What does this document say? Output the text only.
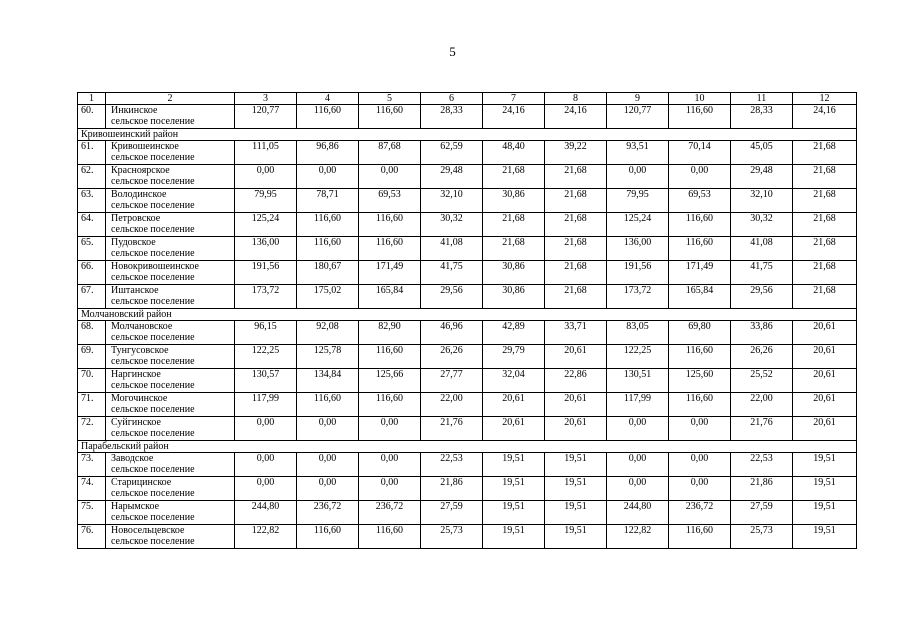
5
1	2	3	4	5	6	7	8	9	10	11	12
60.	Инкинское
сельское поселение	120,77	116,60	116,60	28,33	24,16	24,16	120,77	116,60	28,33	24,16
Кривошеинский район											
61.	Кривошеинское
сельское поселение	111,05	96,86	87,68	62,59	48,40	39,22	93,51	70,14	45,05	21,68
62.	Красноярское
сельское поселение	0,00	0,00	0,00	29,48	21,68	21,68	0,00	0,00	29,48	21,68
63.	Володинское
сельское поселение	79,95	78,71	69,53	32,10	30,86	21,68	79,95	69,53	32,10	21,68
64.	Петровское
сельское поселение	125,24	116,60	116,60	30,32	21,68	21,68	125,24	116,60	30,32	21,68
65.	Пудовское
сельское поселение	136,00	116,60	116,60	41,08	21,68	21,68	136,00	116,60	41,08	21,68
66.	Новокривошеинское
сельское поселение	191,56	180,67	171,49	41,75	30,86	21,68	191,56	171,49	41,75	21,68
67.	Иштанское
сельское поселение	173,72	175,02	165,84	29,56	30,86	21,68	173,72	165,84	29,56	21,68
Молчановский район											
68.	Молчановское
сельское поселение	96,15	92,08	82,90	46,96	42,89	33,71	83,05	69,80	33,86	20,61
69.	Тунгусовское
сельское поселение	122,25	125,78	116,60	26,26	29,79	20,61	122,25	116,60	26,26	20,61
70.	Наргинское
сельское поселение	130,57	134,84	125,66	27,77	32,04	22,86	130,51	125,60	25,52	20,61
71.	Могочинское
сельское поселение	117,99	116,60	116,60	22,00	20,61	20,61	117,99	116,60	22,00	20,61
72.	Суйгинское
сельское поселение	0,00	0,00	0,00	21,76	20,61	20,61	0,00	0,00	21,76	20,61
Парабельский район											
73.	Заводское
сельское поселение	0,00	0,00	0,00	22,53	19,51	19,51	0,00	0,00	22,53	19,51
74.	Старицинское
сельское поселение	0,00	0,00	0,00	21,86	19,51	19,51	0,00	0,00	21,86	19,51
75.	Нарымское
сельское поселение	244,80	236,72	236,72	27,59	19,51	19,51	244,80	236,72	27,59	19,51
76.	Новосельцевское
сельское поселение	122,82	116,60	116,60	25,73	19,51	19,51	122,82	116,60	25,73	19,51
